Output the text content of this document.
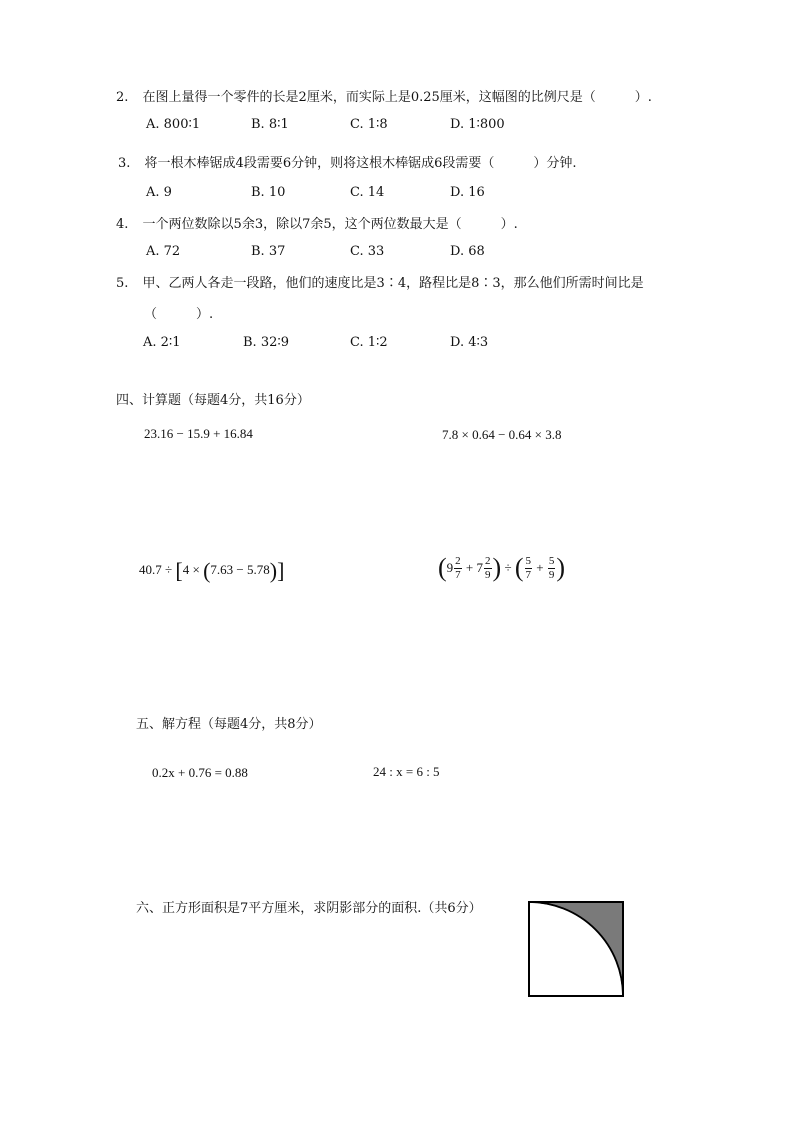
2. 在图上量得一个零件的长是2厘米，而实际上是0.25厘米，这幅图的比例尺是（　　　）.
A. 800∶1	B. 8∶1	C. 1∶8	D. 1∶800
3. 将一根木棒锯成4段需要6分钟，则将这根木棒锯成6段需要（　　　）分钟.
A. 9	B. 10	C. 14	D. 16
4. 一个两位数除以5余3，除以7余5，这个两位数最大是（　　　）.
A. 72	B. 37	C. 33	D. 68
5. 甲、乙两人各走一段路，他们的速度比是3∶4，路程比是8∶3，那么他们所需时间比是
（　　　）.
A. 2∶1	B. 32∶9	C. 1∶2	D. 4∶3
四、计算题（每题4分，共16分）
23.16 − 15.9 + 16.84	7.8 × 0.64 − 0.64 × 3.8
40.7 ÷ [4 × (7.63 − 5.78)]	($9 \frac{2}{7} + 7 \frac{2}{9}$ ) ÷ ( $\frac{5}{7} + \frac{5}{9}$ )
五、解方程（每题4分，共8分）
0.2x + 0.76 = 0.88	24 : x = 6 : 5
六、正方形面积是7平方厘米，求阴影部分的面积.（共6分）
